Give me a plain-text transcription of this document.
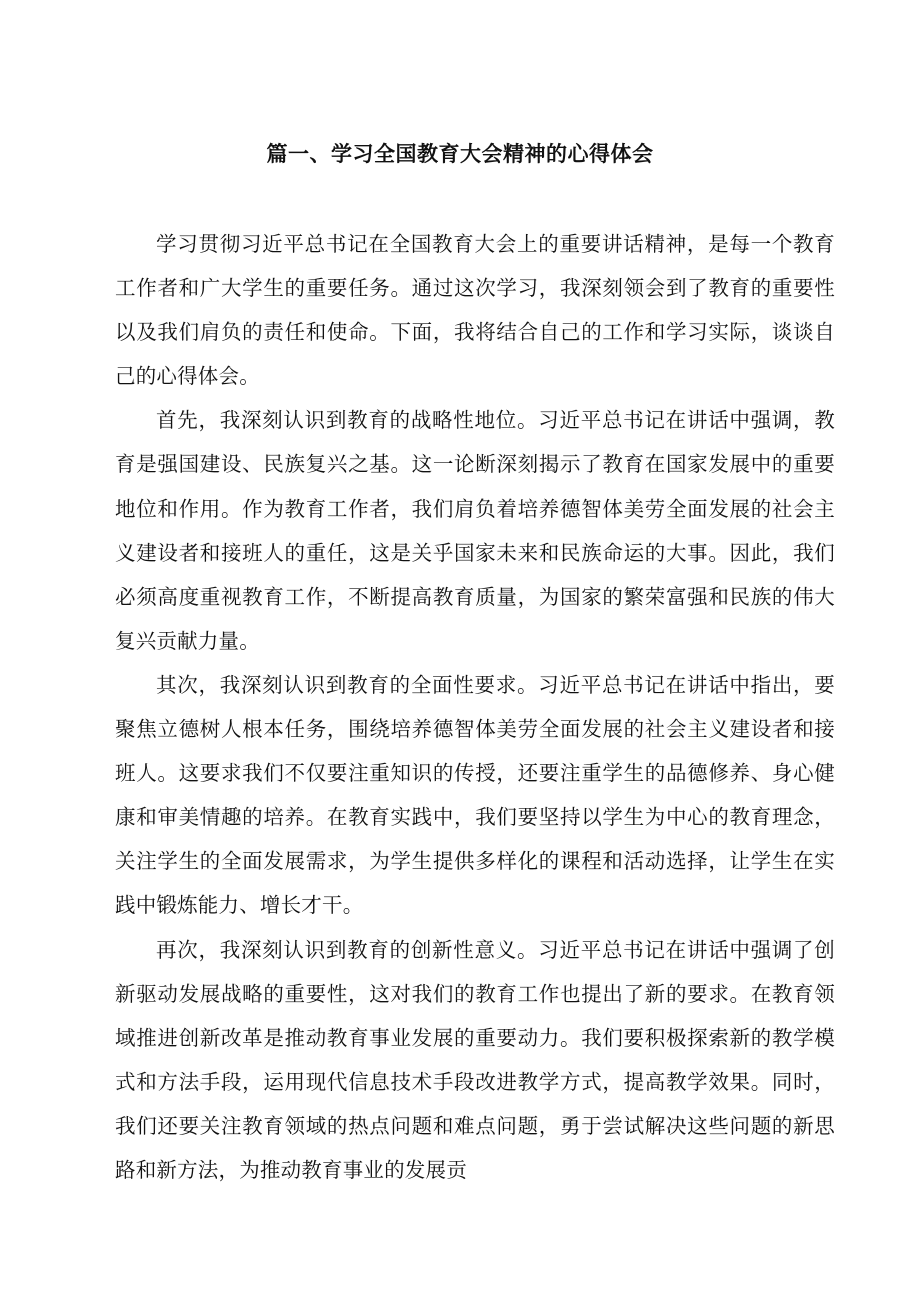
篇一、学习全国教育大会精神的心得体会

学习贯彻习近平总书记在全国教育大会上的重要讲话精神，是每一个教育工作者和广大学生的重要任务。通过这次学习，我深刻领会到了教育的重要性以及我们肩负的责任和使命。下面，我将结合自己的工作和学习实际，谈谈自己的心得体会。

首先，我深刻认识到教育的战略性地位。习近平总书记在讲话中强调，教育是强国建设、民族复兴之基。这一论断深刻揭示了教育在国家发展中的重要地位和作用。作为教育工作者，我们肩负着培养德智体美劳全面发展的社会主义建设者和接班人的重任，这是关乎国家未来和民族命运的大事。因此，我们必须高度重视教育工作，不断提高教育质量，为国家的繁荣富强和民族的伟大复兴贡献力量。

其次，我深刻认识到教育的全面性要求。习近平总书记在讲话中指出，要聚焦立德树人根本任务，围绕培养德智体美劳全面发展的社会主义建设者和接班人。这要求我们不仅要注重知识的传授，还要注重学生的品德修养、身心健康和审美情趣的培养。在教育实践中，我们要坚持以学生为中心的教育理念，关注学生的全面发展需求，为学生提供多样化的课程和活动选择，让学生在实践中锻炼能力、增长才干。

再次，我深刻认识到教育的创新性意义。习近平总书记在讲话中强调了创新驱动发展战略的重要性，这对我们的教育工作也提出了新的要求。在教育领域推进创新改革是推动教育事业发展的重要动力。我们要积极探索新的教学模式和方法手段，运用现代信息技术手段改进教学方式，提高教学效果。同时，我们还要关注教育领域的热点问题和难点问题，勇于尝试解决这些问题的新思路和新方法，为推动教育事业的发展贡
